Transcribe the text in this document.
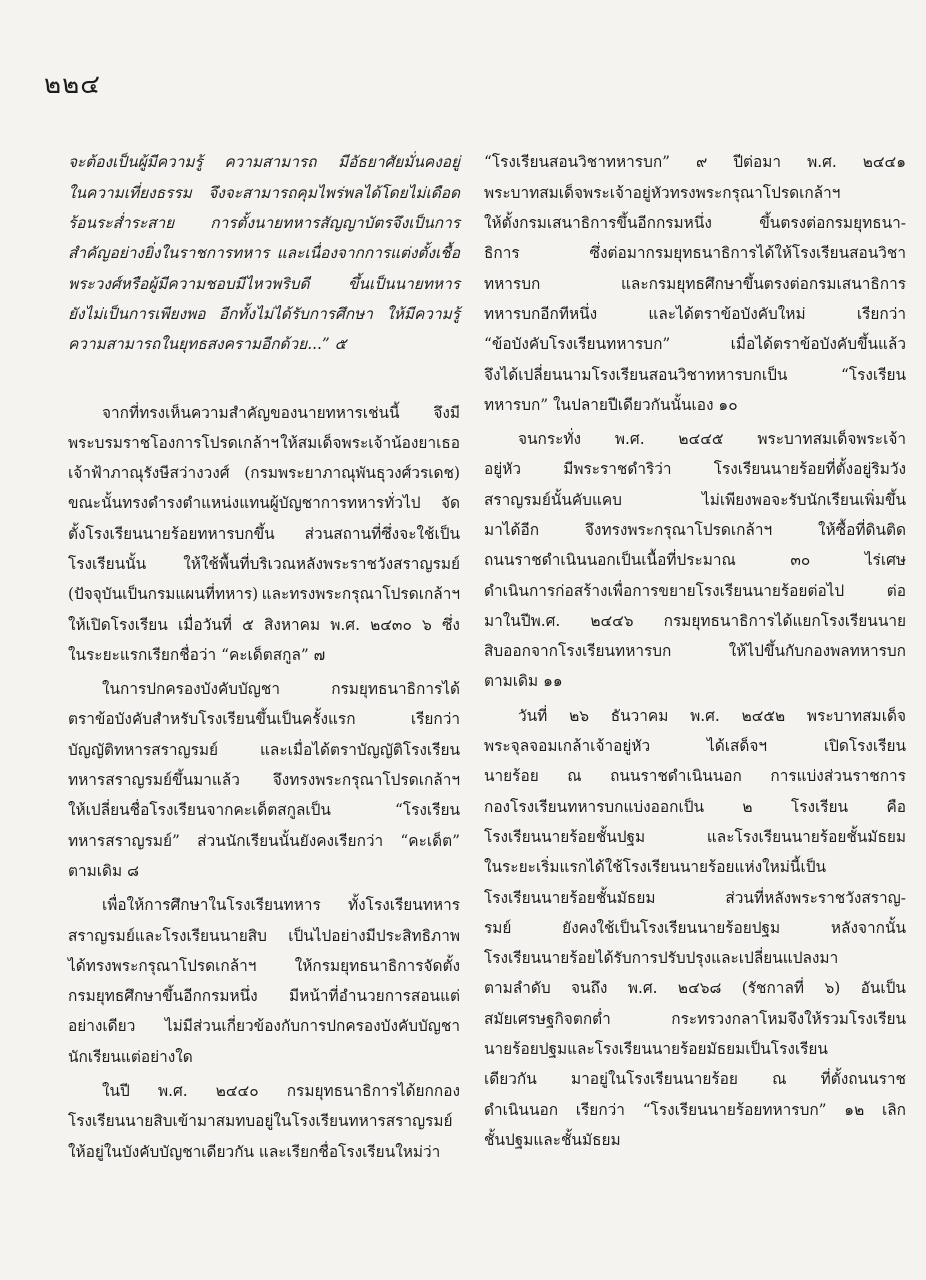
๒๒๔
จะต้องเป็นผู้มีความรู้ ความสามารถ มีอัธยาศัยมั่นคงอยู่
ในความเที่ยงธรรม จึงจะสามารถคุมไพร่พลได้โดยไม่เดือด
ร้อนระส่ำระสาย การตั้งนายทหารสัญญาบัตรจึงเป็นการ
สำคัญอย่างยิ่งในราชการทหาร และเนื่องจากการแต่งตั้งเชื้อ
พระวงศ์หรือผู้มีความชอบมีไหวพริบดี	ขึ้นเป็นนายทหาร
ยังไม่เป็นการเพียงพอ อีกทั้งไม่ได้รับการศึกษา ให้มีความรู้
ความสามารถในยุทธสงครามอีกด้วย...” ๕
จากที่ทรงเห็นความสำคัญของนายทหารเช่นนี้ จึงมี
พระบรมราชโองการโปรดเกล้าฯ ให้สมเด็จพระเจ้าน้องยาเธอ
เจ้าฟ้าภาณุรังษีสว่างวงศ์ (กรมพระยาภาณุพันธุวงศ์วรเดช)
ขณะนั้นทรงดำรงตำแหน่งแทนผู้บัญชาการทหารทั่วไป จัด
ตั้งโรงเรียนนายร้อยทหารบกขึ้น ส่วนสถานที่ซึ่งจะใช้เป็น
โรงเรียนนั้น ให้ใช้พื้นที่บริเวณหลังพระราชวังสราญรมย์
(ปัจจุบันเป็นกรมแผนที่ทหาร) และทรงพระกรุณาโปรดเกล้าฯ
ให้เปิดโรงเรียน เมื่อวันที่ ๕ สิงหาคม พ.ศ. ๒๔๓๐ ๖ ซึ่ง
ในระยะแรกเรียกชื่อว่า “คะเด็ตสกูล” ๗
ในการปกครองบังคับบัญชา	กรมยุทธนาธิการได้
ตราข้อบังคับสำหรับโรงเรียนขึ้นเป็นครั้งแรก	เรียกว่า
บัญญัติทหารสราญรมย์	และเมื่อได้ตราบัญญัติโรงเรียน
ทหารสราญรมย์ขึ้นมาแล้ว จึงทรงพระกรุณาโปรดเกล้าฯ
ให้เปลี่ยนชื่อโรงเรียนจากคะเด็ตสกูลเป็น	“โรงเรียน
ทหารสราญรมย์” ส่วนนักเรียนนั้นยังคงเรียกว่า “คะเด็ต”
ตามเดิม ๘
เพื่อให้การศึกษาในโรงเรียนทหาร ทั้งโรงเรียนทหาร
สราญรมย์และโรงเรียนนายสิบ เป็นไปอย่างมีประสิทธิภาพ
ได้ทรงพระกรุณาโปรดเกล้าฯ ให้กรมยุทธนาธิการจัดตั้ง
กรมยุทธศึกษาขึ้นอีกกรมหนึ่ง มีหน้าที่อำนวยการสอนแต่
อย่างเดียว ไม่มีส่วนเกี่ยวข้องกับการปกครองบังคับบัญชา
นักเรียนแต่อย่างใด
ในปี พ.ศ. ๒๔๔๐ กรมยุทธนาธิการได้ยกกอง
โรงเรียนนายสิบเข้ามาสมทบอยู่ในโรงเรียนทหารสราญรมย์
ให้อยู่ในบังคับบัญชาเดียวกัน และเรียกชื่อโรงเรียนใหม่ว่า
“โรงเรียนสอนวิชาทหารบก” ๙ ปีต่อมา พ.ศ. ๒๔๔๑
พระบาทสมเด็จพระเจ้าอยู่หัวทรงพระกรุณาโปรดเกล้าฯ
ให้ตั้งกรมเสนาธิการขึ้นอีกกรมหนึ่ง	ขึ้นตรงต่อกรมยุทธนา-
ธิการ	ซึ่งต่อมากรมยุทธนาธิการได้ให้โรงเรียนสอนวิชา
ทหารบก	และกรมยุทธศึกษาขึ้นตรงต่อกรมเสนาธิการ
ทหารบกอีกทีหนึ่ง	และได้ตราข้อบังคับใหม่	เรียกว่า
“ข้อบังคับโรงเรียนทหารบก”	เมื่อได้ตราข้อบังคับขึ้นแล้ว
จึงได้เปลี่ยนนามโรงเรียนสอนวิชาทหารบกเป็น	“โรงเรียน
ทหารบก” ในปลายปีเดียวกันนั้นเอง ๑๐
จนกระทั่ง พ.ศ. ๒๔๔๕ พระบาทสมเด็จพระเจ้า
อยู่หัว	มีพระราชดำริว่า	โรงเรียนนายร้อยที่ตั้งอยู่ริมวัง
สราญรมย์นั้นคับแคบ	ไม่เพียงพอจะรับนักเรียนเพิ่มขึ้น
มาได้อีก	จึงทรงพระกรุณาโปรดเกล้าฯ	ให้ซื้อที่ดินติด
ถนนราชดำเนินนอกเป็นเนื้อที่ประมาณ	๓๐	ไร่เศษ
ดำเนินการก่อสร้างเพื่อการขยายโรงเรียนนายร้อยต่อไป	ต่อ
มาในปีพ.ศ. ๒๔๔๖ กรมยุทธนาธิการได้แยกโรงเรียนนาย
สิบออกจากโรงเรียนทหารบก	ให้ไปขึ้นกับกองพลทหารบก
ตามเดิม ๑๑
วันที่ ๒๖ ธันวาคม พ.ศ. ๒๔๕๒ พระบาทสมเด็จ
พระจุลจอมเกล้าเจ้าอยู่หัว	ได้เสด็จฯ	เปิดโรงเรียน
นายร้อย ณ ถนนราชดำเนินนอก การแบ่งส่วนราชการ
กองโรงเรียนทหารบกแบ่งออกเป็น ๒ โรงเรียน คือ
โรงเรียนนายร้อยชั้นปฐม	และโรงเรียนนายร้อยชั้นมัธยม
ในระยะเริ่มแรกได้ใช้โรงเรียนนายร้อยแห่งใหม่นี้เป็น
โรงเรียนนายร้อยชั้นมัธยม	ส่วนที่หลังพระราชวังสราญ-
รมย์	ยังคงใช้เป็นโรงเรียนนายร้อยปฐม	หลังจากนั้น
โรงเรียนนายร้อยได้รับการปรับปรุงและเปลี่ยนแปลงมา
ตามลำดับ จนถึง พ.ศ. ๒๔๖๘ (รัชกาลที่ ๖) อันเป็น
สมัยเศรษฐกิจตกต่ำ	กระทรวงกลาโหมจึงให้รวมโรงเรียน
นายร้อยปฐมและโรงเรียนนายร้อยมัธยมเป็นโรงเรียน
เดียวกัน มาอยู่ในโรงเรียนนายร้อย ณ ที่ตั้งถนนราช
ดำเนินนอก เรียกว่า “โรงเรียนนายร้อยทหารบก” ๑๒ เลิก
ชั้นปฐมและชั้นมัธยม
